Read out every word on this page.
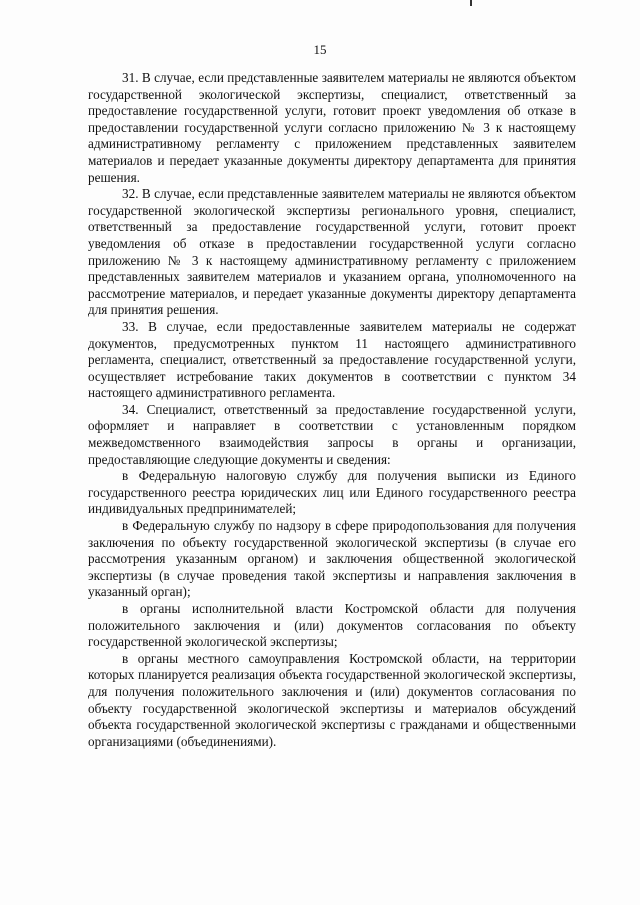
15

31. В случае, если представленные заявителем материалы не являются объектом государственной экологической экспертизы, специалист, ответственный за предоставление государственной услуги, готовит проект уведомления об отказе в предоставлении государственной услуги согласно приложению № 3 к настоящему административному регламенту с приложением представленных заявителем материалов и передает указанные документы директору департамента для принятия решения.

32. В случае, если представленные заявителем материалы не являются объектом государственной экологической экспертизы регионального уровня, специалист, ответственный за предоставление государственной услуги, готовит проект уведомления об отказе в предоставлении государственной услуги согласно приложению № 3 к настоящему административному регламенту с приложением представленных заявителем материалов и указанием органа, уполномоченного на рассмотрение материалов, и передает указанные документы директору департамента для принятия решения.

33. В случае, если предоставленные заявителем материалы не содержат документов, предусмотренных пунктом 11 настоящего административного регламента, специалист, ответственный за предоставление государственной услуги, осуществляет истребование таких документов в соответствии с пунктом 34 настоящего административного регламента.

34. Специалист, ответственный за предоставление государственной услуги, оформляет и направляет в соответствии с установленным порядком межведомственного взаимодействия запросы в органы и организации, предоставляющие следующие документы и сведения:

в Федеральную налоговую службу для получения выписки из Единого государственного реестра юридических лиц или Единого государственного реестра индивидуальных предпринимателей;

в Федеральную службу по надзору в сфере природопользования для получения заключения по объекту государственной экологической экспертизы (в случае его рассмотрения указанным органом) и заключения общественной экологической экспертизы (в случае проведения такой экспертизы и направления заключения в указанный орган);

в органы исполнительной власти Костромской области для получения положительного заключения и (или) документов согласования по объекту государственной экологической экспертизы;

в органы местного самоуправления Костромской области, на территории которых планируется реализация объекта государственной экологической экспертизы, для получения положительного заключения и (или) документов согласования по объекту государственной экологической экспертизы и материалов обсуждений объекта государственной экологической экспертизы с гражданами и общественными организациями (объединениями).
